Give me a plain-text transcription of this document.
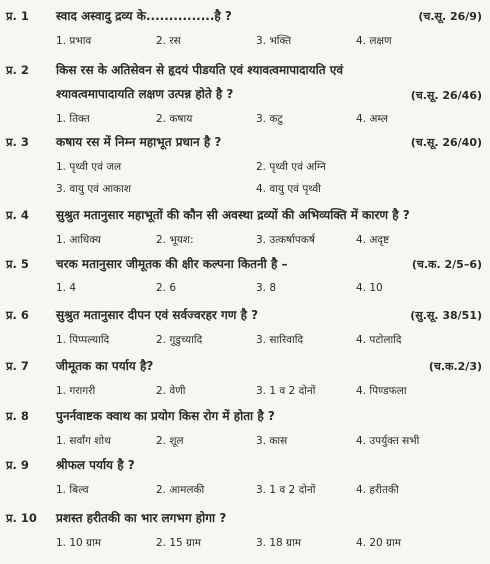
प्र. 1 स्वाद अस्वादु द्रव्य के...............है ?	(च.सू. 26/9)
1. प्रभाव	2. रस	3. भक्ति	4. लक्षण
प्र. 2 किस रस के अतिसेवन से हृदयं पीडयति एवं श्यावत्वमापादायति एवं
श्यावत्वमापादायति लक्षण उत्पन्न होते है ?	(च.सू. 26/46)
1. तिक्त	2. कषाय	3. कटु	4. अम्ल
प्र. 3 कषाय रस में निम्न महाभूत प्रधान है ?	(च.सू. 26/40)
1. पृथ्वी एवं जल	2. पृथ्वी एवं अग्नि
3. वायु एवं आकाश	4. वायु एवं पृथ्वी
प्र. 4 सुश्रुत मतानुसार महाभूतों की कौन सी अवस्था द्रव्यों की अभिव्यक्ति में कारण है ?
1. आधिक्य	2. भूयश:	3. उत्कर्षापकर्ष	4. अदृष्ट
प्र. 5 चरक मतानुसार जीमूतक की क्षीर कल्पना कितनी है –	(च.क. 2/5–6)
1. 4	2. 6	3. 8	4. 10
प्र. 6 सुश्रुत मतानुसार दीपन एवं सर्वज्वरहर गण है ?	(सु.सू. 38/51)
1. पिप्पल्यादि	2. गुडुच्यादि	3. सारिवादि	4. पटोलादि
प्र. 7 जीमूतक का पर्याय है?	(च.क.2/3)
1. गरागरी	2. वेणी	3. 1 व 2 दोनों	4. पिण्डफला
प्र. 8 पुनर्नवाष्टक क्वाथ का प्रयोग किस रोग में होता है ?
1. सर्वांग शोथ	2. शूल	3. कास	4. उपर्युक्त सभी
प्र. 9 श्रीफल पर्याय है ?
1. बिल्व	2. आमलकी	3. 1 व 2 दोनों	4. हरीतकी
प्र. 10 प्रशस्त हरीतकी का भार लगभग होगा ?
1. 10 ग्राम	2. 15 ग्राम	3. 18 ग्राम	4. 20 ग्राम
